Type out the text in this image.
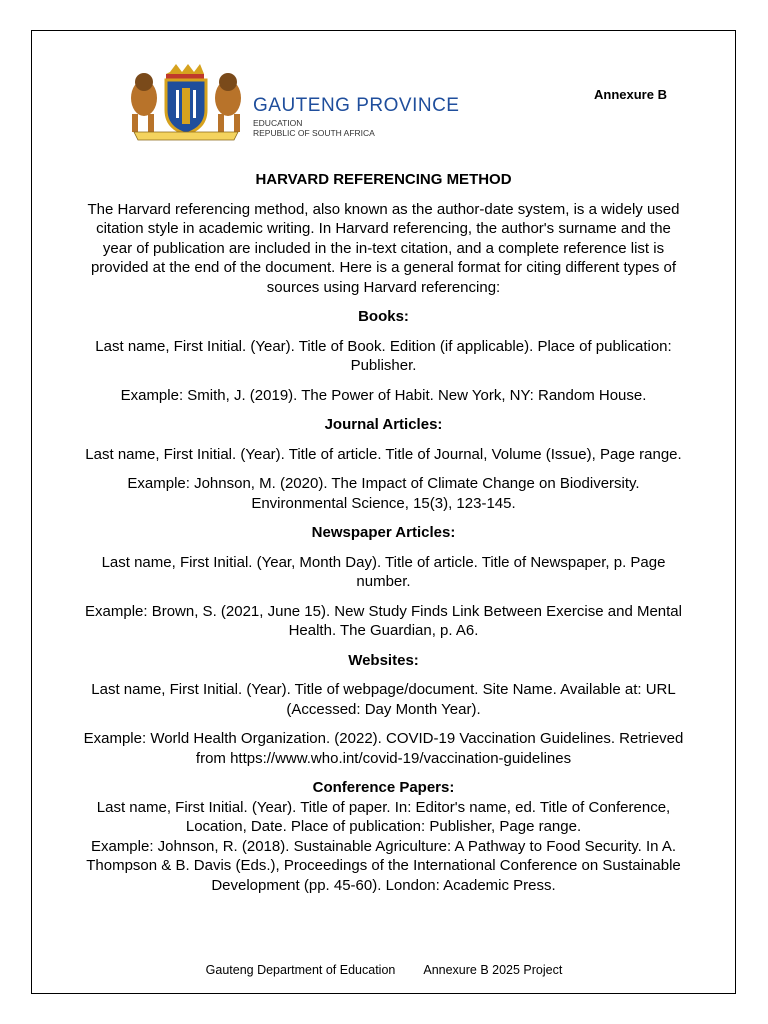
GAUTENG PROVINCE
EDUCATION
REPUBLIC OF SOUTH AFRICA
Annexure B

HARVARD REFERENCING METHOD

The Harvard referencing method, also known as the author-date system, is a widely used citation style in academic writing. In Harvard referencing, the author's surname and the year of publication are included in the in-text citation, and a complete reference list is provided at the end of the document. Here is a general format for citing different types of sources using Harvard referencing:

Books:

Last name, First Initial. (Year). Title of Book. Edition (if applicable). Place of publication: Publisher.

Example: Smith, J. (2019). The Power of Habit. New York, NY: Random House.

Journal Articles:

Last name, First Initial. (Year). Title of article. Title of Journal, Volume (Issue), Page range.

Example: Johnson, M. (2020). The Impact of Climate Change on Biodiversity. Environmental Science, 15(3), 123-145.

Newspaper Articles:

Last name, First Initial. (Year, Month Day). Title of article. Title of Newspaper, p. Page number.

Example: Brown, S. (2021, June 15). New Study Finds Link Between Exercise and Mental Health. The Guardian, p. A6.

Websites:

Last name, First Initial. (Year). Title of webpage/document. Site Name. Available at: URL (Accessed: Day Month Year).

Example: World Health Organization. (2022). COVID-19 Vaccination Guidelines. Retrieved from https://www.who.int/covid-19/vaccination-guidelines

Conference Papers:

Last name, First Initial. (Year). Title of paper. In: Editor's name, ed. Title of Conference, Location, Date. Place of publication: Publisher, Page range.

Example: Johnson, R. (2018). Sustainable Agriculture: A Pathway to Food Security. In A. Thompson & B. Davis (Eds.), Proceedings of the International Conference on Sustainable Development (pp. 45-60). London: Academic Press.

Gauteng Department of Education Annexure B 2025 Project
